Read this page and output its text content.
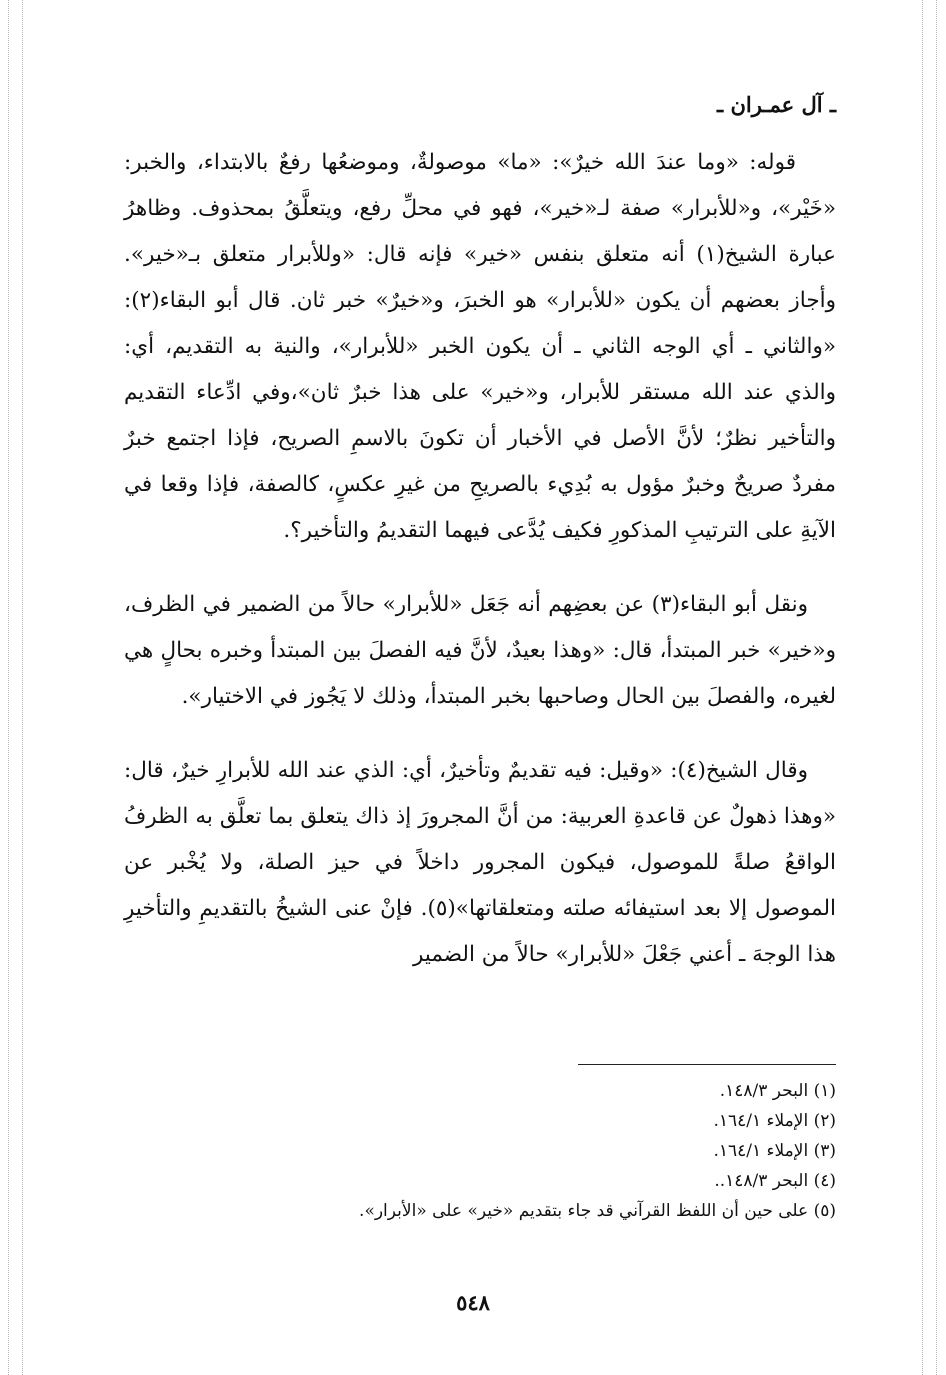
ـ آل عمـران ـ

قوله: «وما عندَ الله خيرٌ»: «ما» موصولةٌ، وموضعُها رفعٌ بالابتداء، والخبر: «خَيْر»، و«للأبرار» صفة لـ«خير»، فهو في محلِّ رفع، ويتعلَّقُ بمحذوف. وظاهرُ عبارة الشيخ(١) أنه متعلق بنفس «خير» فإنه قال: «وللأبرار متعلق بـ«خير». وأجاز بعضهم أن يكون «للأبرار» هو الخبرَ، و«خيرٌ» خبر ثان. قال أبو البقاء(٢): «والثاني ـ أي الوجه الثاني ـ أن يكون الخبر «للأبرار»، والنية به التقديم، أي: والذي عند الله مستقر للأبرار، و«خير» على هذا خبرٌ ثان»،وفي ادِّعاء التقديم والتأخير نظرٌ؛ لأنَّ الأصل في الأخبار أن تكونَ بالاسمِ الصريح، فإذا اجتمع خبرٌ مفردٌ صريحٌ وخبرٌ مؤول به بُدِيء بالصريحِ من غيرِ عكسٍ، كالصفة، فإذا وقعا في الآيةِ على الترتيبِ المذكورِ فكيف يُدَّعى فيهما التقديمُ والتأخير؟.

ونقل أبو البقاء(٣) عن بعضِهم أنه جَعَل «للأبرار» حالاً من الضمير في الظرف، و«خير» خبر المبتدأ، قال: «وهذا بعيدٌ، لأنَّ فيه الفصلَ بين المبتدأ وخبره بحالٍ هي لغيره، والفصلَ بين الحال وصاحبها بخبر المبتدأ، وذلك لا يَجُوز في الاختيار».

وقال الشيخ(٤): «وقيل: فيه تقديمٌ وتأخيرٌ، أي: الذي عند الله للأبرارِ خيرٌ، قال: «وهذا ذهولٌ عن قاعدةِ العربية: من أنَّ المجرورَ إذ ذاك يتعلق بما تعلَّق به الظرفُ الواقعُ صلةً للموصول، فيكون المجرور داخلاً في حيز الصلة، ولا يُخْبر عن الموصول إلا بعد استيفائه صلته ومتعلقاتها»(٥). فإنْ عنى الشيخُ بالتقديمِ والتأخيرِ هذا الوجهَ ـ أعني جَعْلَ «للأبرار» حالاً من الضمير

(١) البحر ١٤٨/٣.
(٢) الإملاء ١٦٤/١.
(٣) الإملاء ١٦٤/١.
(٤) البحر ١٤٨/٣..
(٥) على حين أن اللفظ القرآني قد جاء بتقديم «خير» على «الأبرار».
٥٤٨
